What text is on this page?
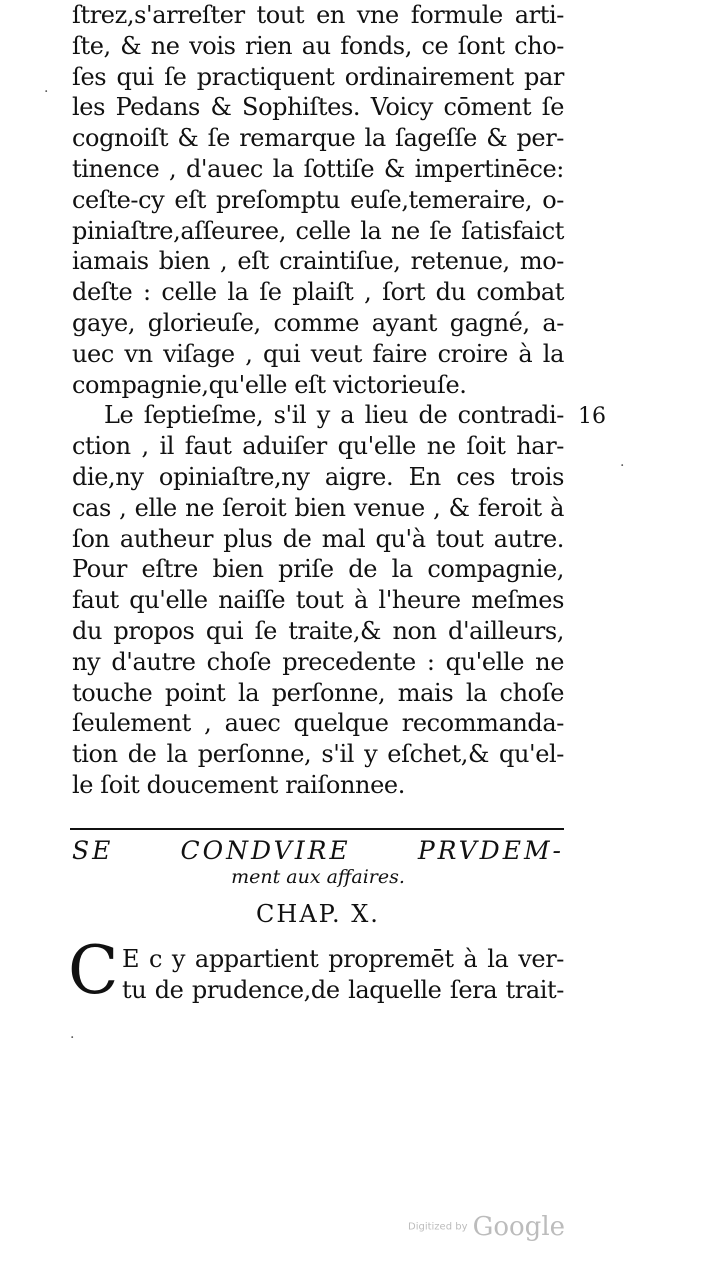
ſtrez,s'arreſter tout en vne formule arti-
ſte, & ne vois rien au fonds, ce ſont cho-
ſes qui ſe practiquent ordinairement par
les Pedans & Sophiſtes. Voicy cōment ſe
cognoiſt & ſe remarque la ſageſſe & per-
tinence , d'auec la ſottiſe & impertinēce:
ceſte-cy eſt preſomptu euſe,temeraire, o-
piniaſtre,aſſeuree, celle la ne ſe ſatisfaict
iamais bien , eſt craintiſue, retenue, mo-
deſte : celle la ſe plaiſt , ſort du combat
gaye, glorieuſe, comme ayant gagné, a-
uec vn viſage , qui veut faire croire à la
compagnie,qu'elle eſt victorieuſe.
Le ſeptieſme, s'il y a lieu de contradi-
ction , il faut aduiſer qu'elle ne ſoit har-
die,ny opiniaſtre,ny aigre. En ces trois
cas , elle ne ſeroit bien venue , & feroit à
ſon autheur plus de mal qu'à tout autre.
Pour eſtre bien priſe de la compagnie,
faut qu'elle naiſſe tout à l'heure meſmes
du propos qui ſe traite,& non d'ailleurs,
ny d'autre choſe precedente : qu'elle ne
touche point la perſonne, mais la choſe
ſeulement , auec quelque recommanda-
tion de la perſonne, s'il y eſchet,& qu'el-
le ſoit doucement raiſonnee.
16
SE CONDVIRE PRVDEM-
ment aux affaires.
CHAP. X.
C E c y appartient propremēt à la ver-
tu de prudence,de laquelle ſera trait-
·
·
·
Digitized by Google
